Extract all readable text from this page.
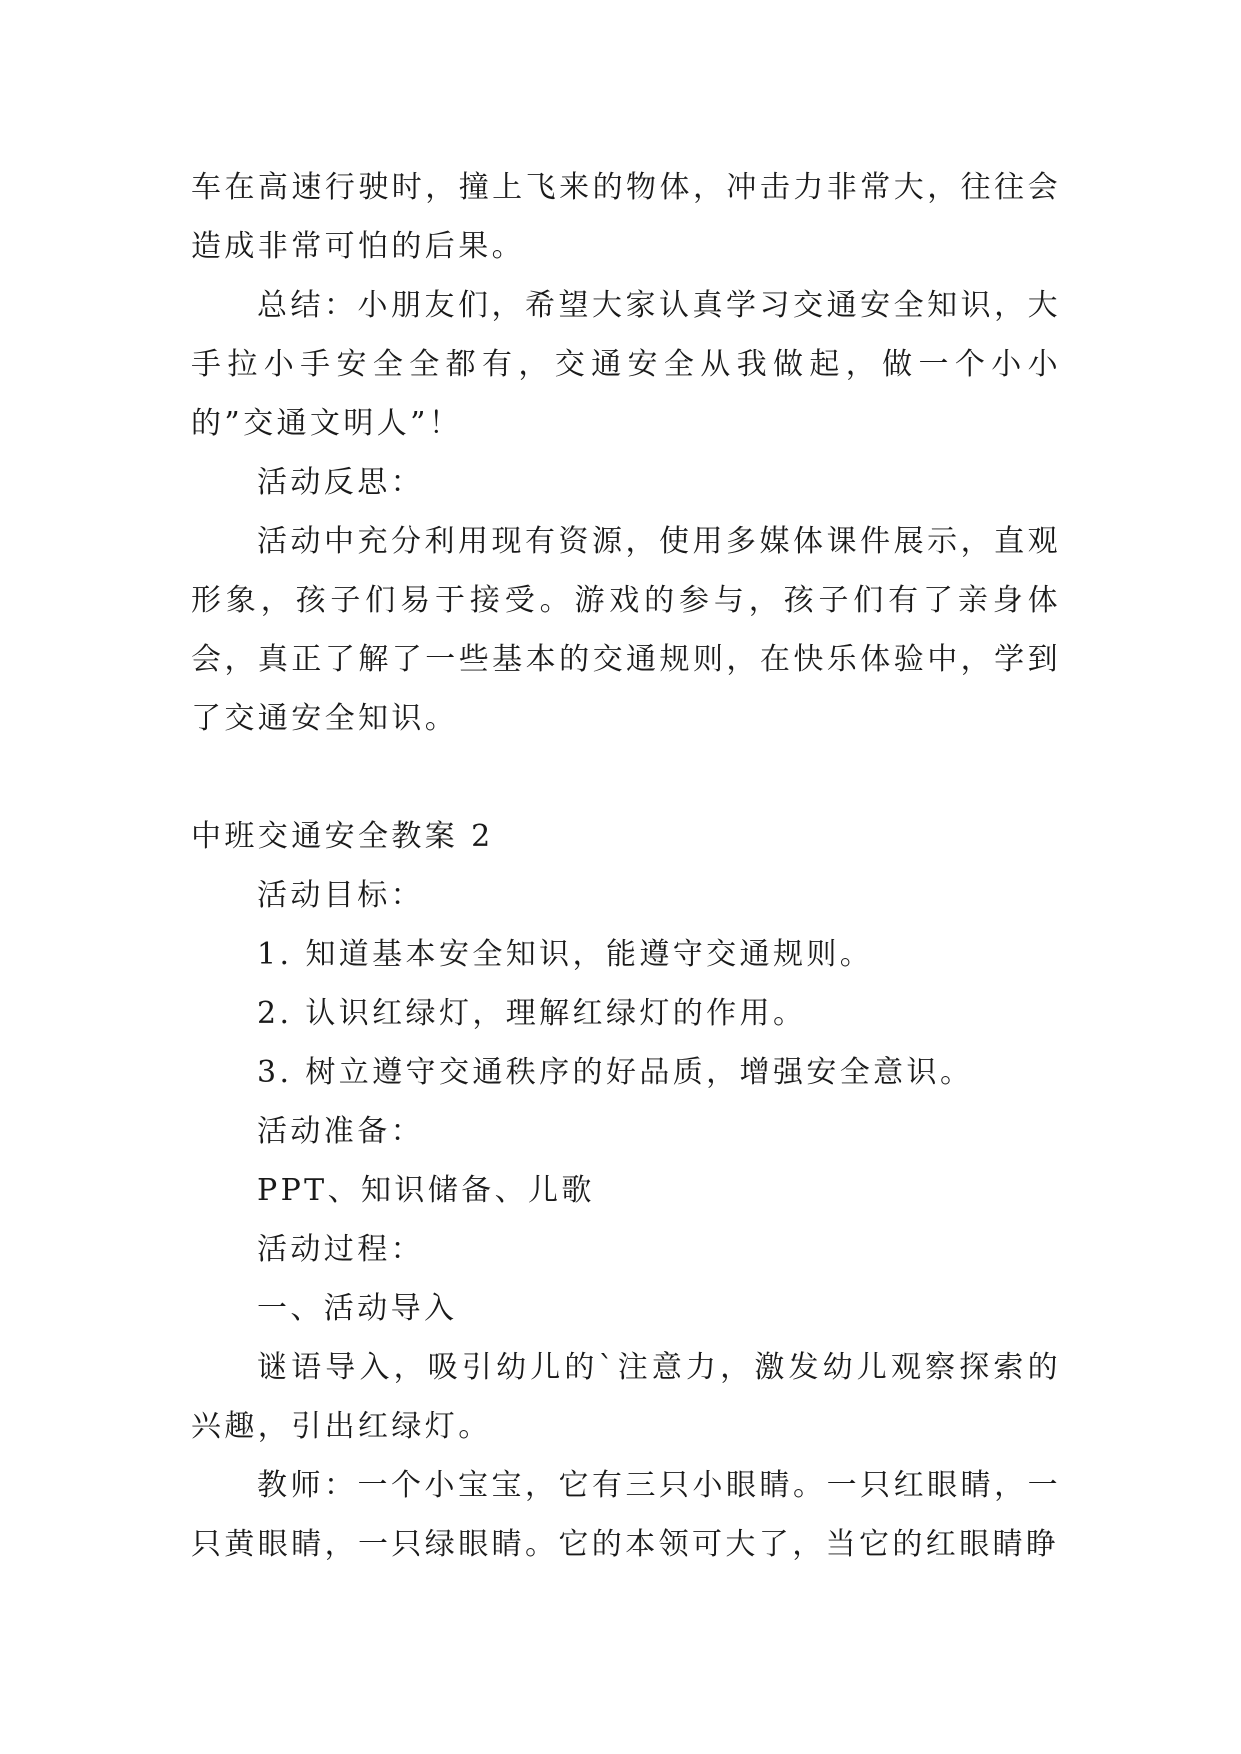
车在高速行驶时，撞上飞来的物体，冲击力非常大，往往会造成非常可怕的后果。

总结：小朋友们，希望大家认真学习交通安全知识，大手拉小手安全全都有，交通安全从我做起，做一个小小的”交通文明人”！

活动反思：

活动中充分利用现有资源，使用多媒体课件展示，直观形象，孩子们易于接受。游戏的参与，孩子们有了亲身体会，真正了解了一些基本的交通规则，在快乐体验中，学到了交通安全知识。

中班交通安全教案 2

活动目标：

1. 知道基本安全知识，能遵守交通规则。

2. 认识红绿灯，理解红绿灯的作用。

3. 树立遵守交通秩序的好品质，增强安全意识。

活动准备：

PPT、知识储备、儿歌

活动过程：

一、活动导入

谜语导入，吸引幼儿的`注意力，激发幼儿观察探索的兴趣，引出红绿灯。

教师：一个小宝宝，它有三只小眼睛。一只红眼睛，一只黄眼睛，一只绿眼睛。它的本领可大了，当它的红眼睛睁
